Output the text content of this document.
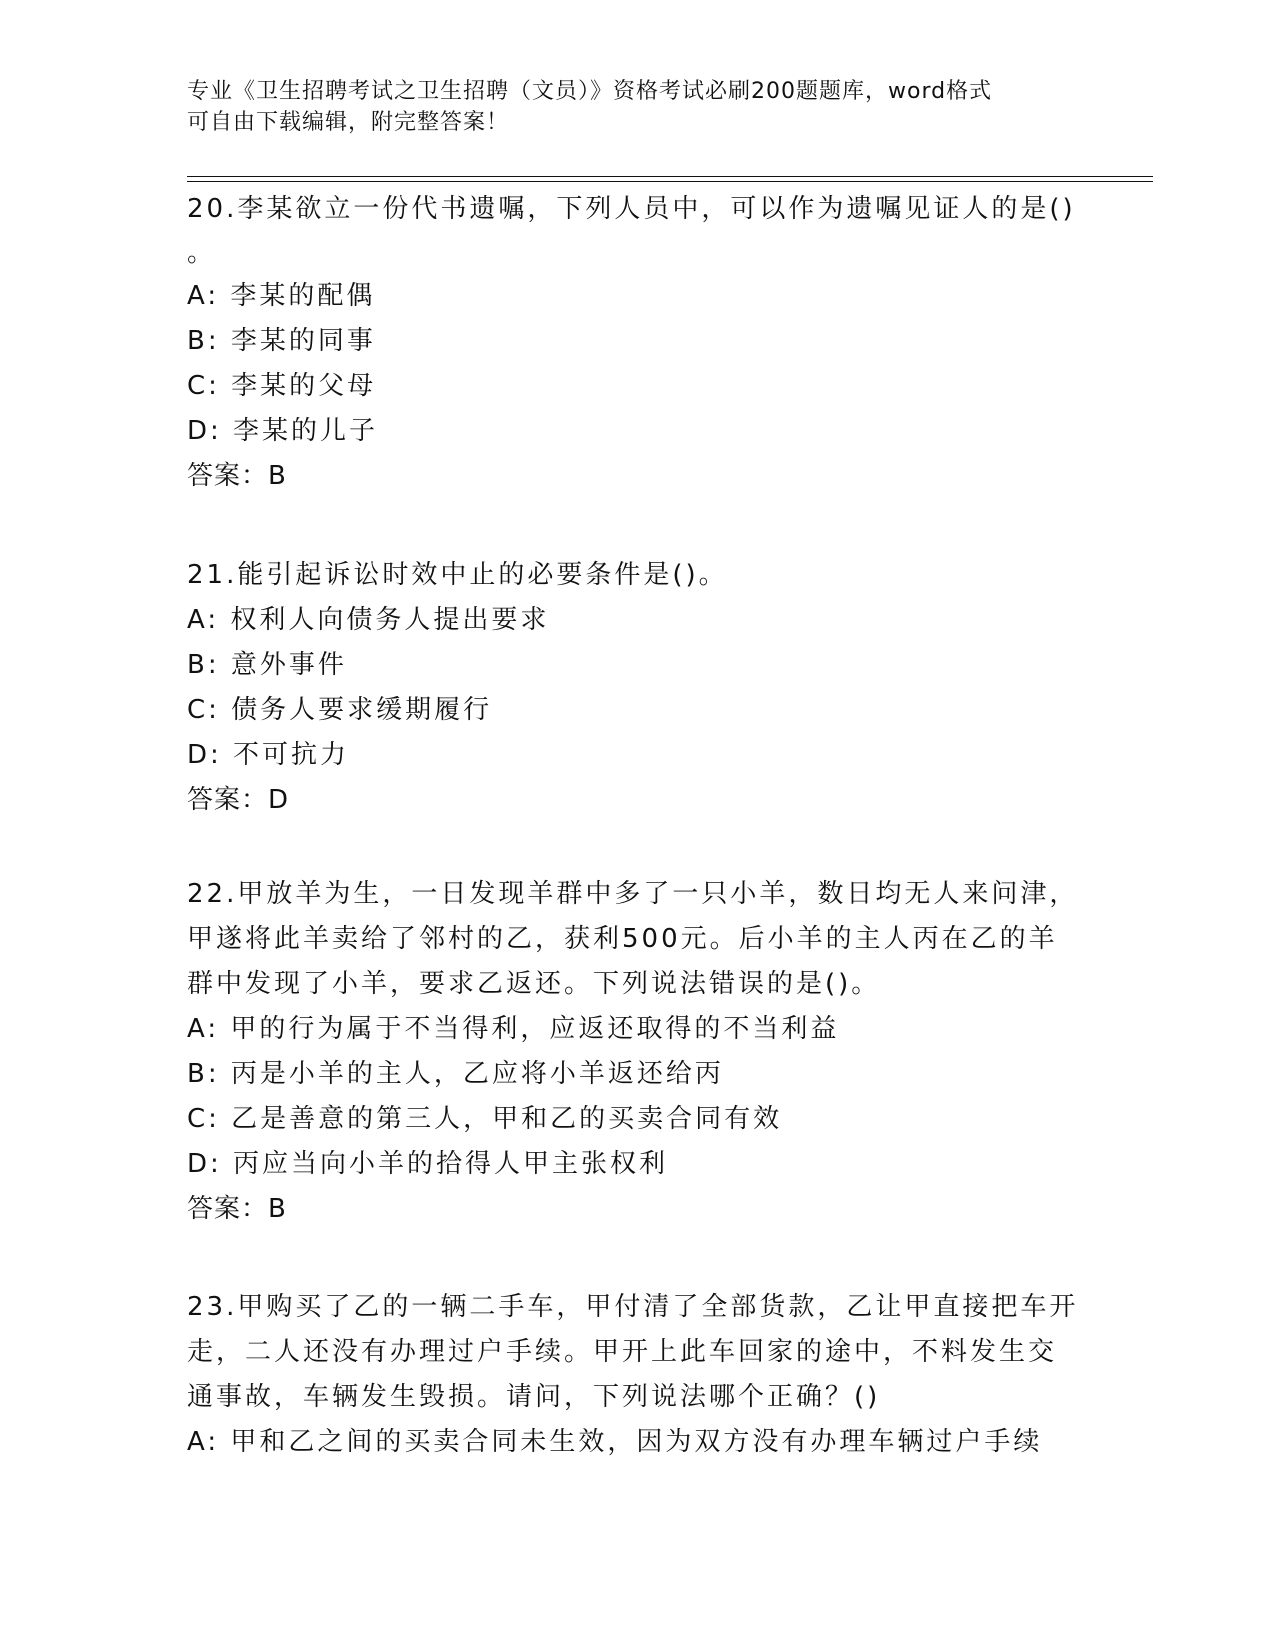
专业《卫生招聘考试之卫生招聘（文员）》资格考试必刷200题题库，word格式
可自由下载编辑，附完整答案！
20.李某欲立一份代书遗嘱，下列人员中，可以作为遗嘱见证人的是()
。
A: 李某的配偶
B: 李某的同事
C: 李某的父母
D: 李某的儿子
答案：B
21.能引起诉讼时效中止的必要条件是()。
A: 权利人向债务人提出要求
B: 意外事件
C: 债务人要求缓期履行
D: 不可抗力
答案：D
22.甲放羊为生，一日发现羊群中多了一只小羊，数日均无人来问津，
甲遂将此羊卖给了邻村的乙，获利500元。后小羊的主人丙在乙的羊
群中发现了小羊，要求乙返还。下列说法错误的是()。
A: 甲的行为属于不当得利，应返还取得的不当利益
B: 丙是小羊的主人，乙应将小羊返还给丙
C: 乙是善意的第三人，甲和乙的买卖合同有效
D: 丙应当向小羊的拾得人甲主张权利
答案：B
23.甲购买了乙的一辆二手车，甲付清了全部货款，乙让甲直接把车开
走，二人还没有办理过户手续。甲开上此车回家的途中，不料发生交
通事故，车辆发生毁损。请问，下列说法哪个正确？()
A: 甲和乙之间的买卖合同未生效，因为双方没有办理车辆过户手续
